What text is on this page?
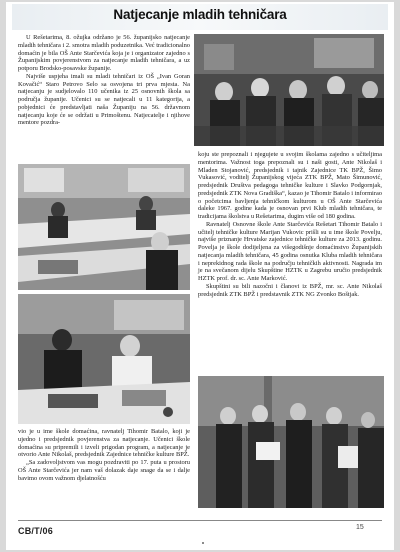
Natjecanje mladih tehničara

U Rešetarima, 8. ožujka održano je 56. županijsko natjecanje mladih tehničara i 2. smotra mladih poduzetnika. Već tradicionalno domaćin je bila OŠ Ante Starčevića koja je i organizator zajedno s Županijskim povjerenstvom za natjecanje mladih tehničara, a uz potporu Brodsko-posavske županije.

Najviše uspjeha imali su mladi tehničari iz OŠ „Ivan Goran Kovačić“ Staro Petrovo Selo sa osvojena tri prva mjesta. Na natjecanju je sudjelovalo 110 učenika iz 25 osnovnih škola sa područja županije. Učenici su se natjecali u 11 kategorija, a pobjednici će predstavljati naša Županiju na 56. državnom natjecanju koje će se održati u Primoštenu. Natjecatelje i njihove mentore pozdra-

koju ste prepoznali i njegujete u svojim školama zajedno s učiteljima mentorima. Važnost toga prepoznali su i naši gosti, Ante Nikolaš i Mladen Stojanović, predsjednik i tajnik Zajednice TK BPŽ, Šimo Vukasović, voditelj Županijskog vijeća ZTK BPŽ, Mato Šimunović, predsjednik Društva pedagoga tehničke kulture i Slavko Podgornjak, predsjednik ZTK Nova Gradiška“, kazao je Tihomir Batalo i informirao o početcima bavljenja tehničkom kulturom u OŠ Ante Starčevića daleke 1967. godine kada je osnovan prvi Klub mladih tehničara, te tradicijama školstva u Rešetarima, dugim više od 180 godina.

Ravnatelj Osnovne škole Ante Starčevića Rešetari Tihomir Batalo i učitelj tehničke kulture Marijan Vukovic prišli su u ime škole Povelju, najviše priznanje Hrvatske zajednice tehničke kulture za 2013. godinu. Povelja je škole dodijeljena za višegodišnje domaćinstvo Županijskih natjecanja mladih tehničara, 45 godina osnutka Kluba mladih tehničara i neprekidnog rada škole na području tehničkih aktivnosti. Nagrada im je na svečanom dijelu Skupštine HZTK u Zagrebu uručio predsjednik HZTK prof. dr. sc. Ante Marković.

Skupštini su bili nazočni i članovi iz BPŽ, mr. sc. Ante Nikolaš predsjednik ZTK BPŽ i predstavnik ZTK NG Zvonko Boštjak.

vio je u ime škole domaćina, ravnatelj Tihomir Batalo, koji je ujedno i predsjednik povjerenstva za natjecanje. Učenici škole domaćina su pripremili i izveli prigodan program, a natjecanje je otvorio Ante Nikolaš, predsjednik Zajednice tehničke kulture BPŽ.

„Sa zadovoljstvom vas mogu pozdraviti po 17. puta u prostoru OŠ Ante Starčevića jer nam vaš dolazak daje snage da se i dalje bavimo ovom važnom djelatnošću

CB/T/06	15
